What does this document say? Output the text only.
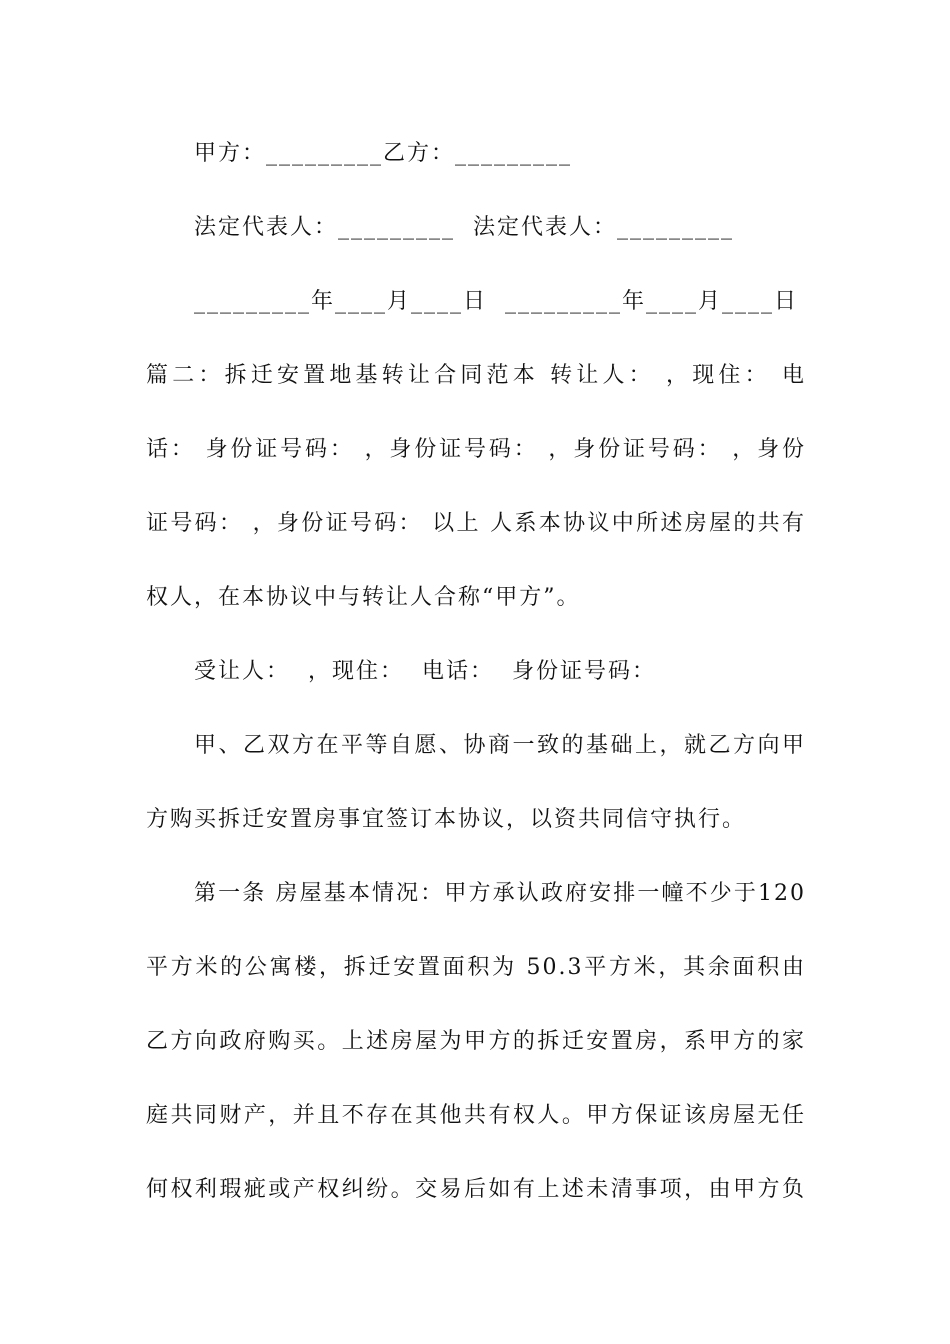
甲方：_________乙方：_________
法定代表人：_________  法定代表人：_________
_________年____月____日  _________年____月____日
篇二：拆迁安置地基转让合同范本 转让人： ，现住： 电
话： 身份证号码： ，身份证号码： ，身份证号码： ，身份
证号码： ，身份证号码： 以上 人系本协议中所述房屋的共有
权人，在本协议中与转让人合称“甲方”。
受让人：  ，现住：  电话：  身份证号码：
甲、乙双方在平等自愿、协商一致的基础上，就乙方向甲
方购买拆迁安置房事宜签订本协议，以资共同信守执行。
第一条 房屋基本情况：甲方承认政府安排一幢不少于120
平方米的公寓楼，拆迁安置面积为 50.3平方米，其余面积由
乙方向政府购买。上述房屋为甲方的拆迁安置房，系甲方的家
庭共同财产，并且不存在其他共有权人。甲方保证该房屋无任
何权利瑕疵或产权纠纷。交易后如有上述未清事项，由甲方负
